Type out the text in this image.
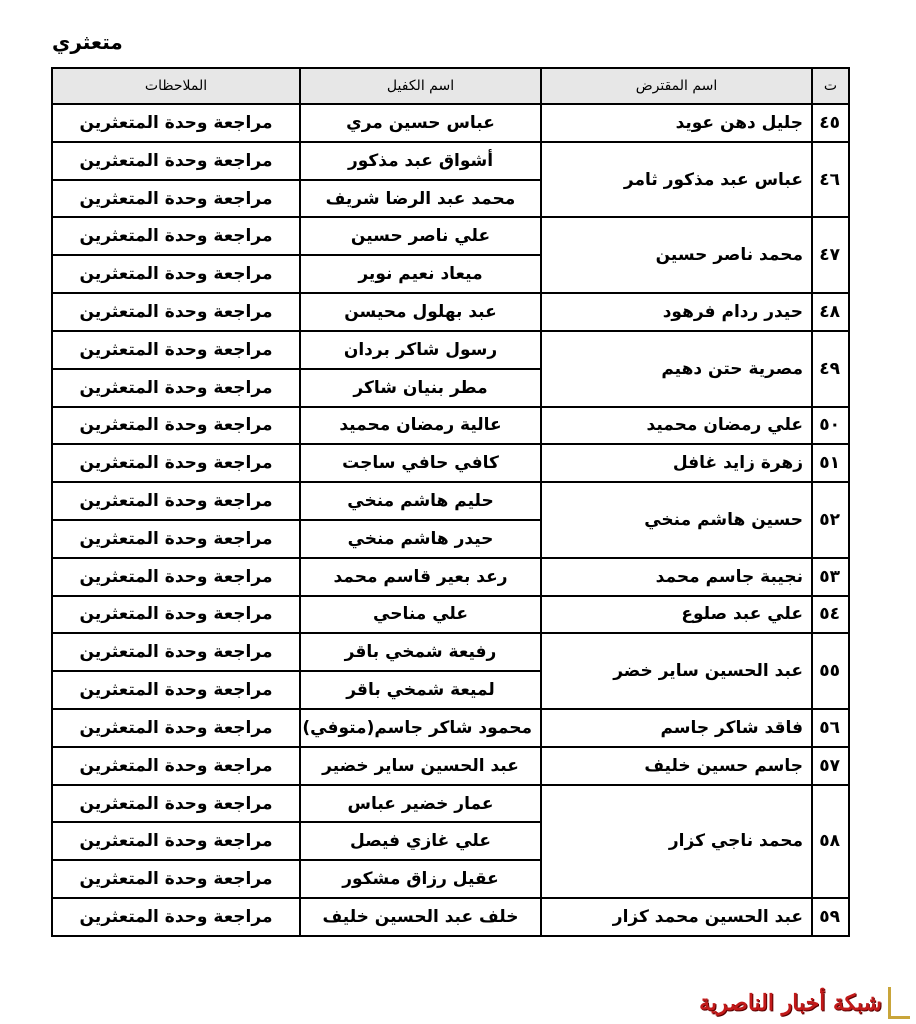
متعثري
ت	اسم المقترض	اسم الكفيل	الملاحظات
٤٥	جليل دهن عويد	عباس حسين مري	مراجعة وحدة المتعثرين
٤٦	عباس عبد مذكور ثامر	أشواق عبد مذكور	مراجعة وحدة المتعثرين
		محمد عبد الرضا شريف	مراجعة وحدة المتعثرين
٤٧	محمد ناصر حسين	علي ناصر حسين	مراجعة وحدة المتعثرين
		ميعاد نعيم نوير	مراجعة وحدة المتعثرين
٤٨	حيدر ردام فرهود	عبد بهلول محيسن	مراجعة وحدة المتعثرين
٤٩	مصرية حتن دهيم	رسول شاكر بردان	مراجعة وحدة المتعثرين
		مطر بنيان شاكر	مراجعة وحدة المتعثرين
٥٠	علي رمضان محميد	عالية رمضان محميد	مراجعة وحدة المتعثرين
٥١	زهرة زايد غافل	كافي حافي ساجت	مراجعة وحدة المتعثرين
٥٢	حسين هاشم منخي	حليم هاشم منخي	مراجعة وحدة المتعثرين
		حيدر هاشم منخي	مراجعة وحدة المتعثرين
٥٣	نجيبة جاسم محمد	رعد بعير قاسم محمد	مراجعة وحدة المتعثرين
٥٤	علي عبد صلوع	علي مناحي	مراجعة وحدة المتعثرين
٥٥	عبد الحسين ساير خضر	رفيعة شمخي باقر	مراجعة وحدة المتعثرين
		لميعة شمخي باقر	مراجعة وحدة المتعثرين
٥٦	فاقد شاكر جاسم	محمود شاكر جاسم(متوفي)	مراجعة وحدة المتعثرين
٥٧	جاسم حسين خليف	عبد الحسين ساير خضير	مراجعة وحدة المتعثرين
٥٨	محمد ناجي كزار	عمار خضير عباس	مراجعة وحدة المتعثرين
		علي غازي فيصل	مراجعة وحدة المتعثرين
		عقيل رزاق مشكور	مراجعة وحدة المتعثرين
٥٩	عبد الحسين محمد كزار	خلف عبد الحسين خليف	مراجعة وحدة المتعثرين
شبكة أخبار الناصرية
